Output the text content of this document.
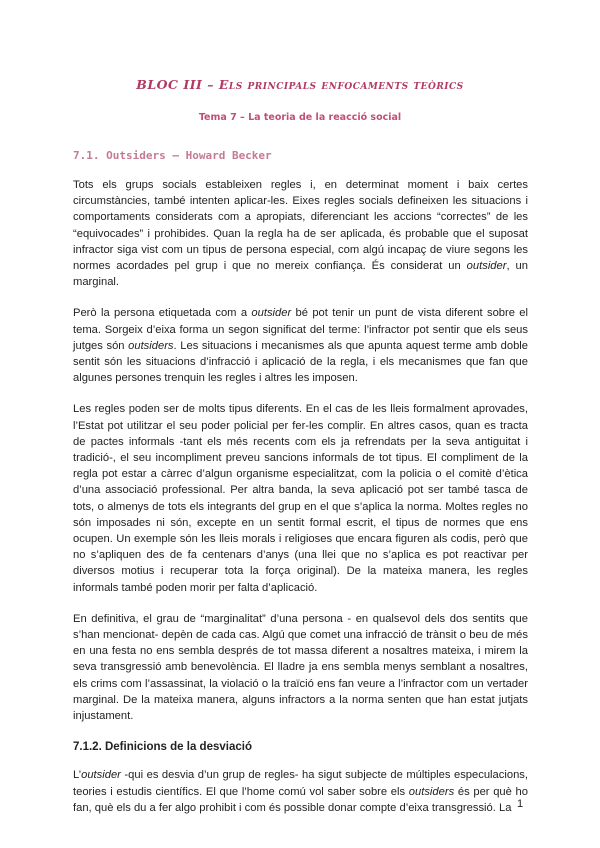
BLOC III – Els principals enfocaments teòrics
Tema 7 – La teoria de la reacció social
7.1. Outsiders – Howard Becker

Tots els grups socials estableixen regles i, en determinat moment i baix certes circumstàncies, també intenten aplicar-les. Eixes regles socials defineixen les situacions i comportaments considerats com a apropiats, diferenciant les accions “correctes” de les “equivocades” i prohibides. Quan la regla ha de ser aplicada, és probable que el suposat infractor siga vist com un tipus de persona especial, com algú incapaç de viure segons les normes acordades pel grup i que no mereix confiança. És considerat un outsider, un marginal.

Però la persona etiquetada com a outsider bé pot tenir un punt de vista diferent sobre el tema. Sorgeix d’eixa forma un segon significat del terme: l’infractor pot sentir que els seus jutges són outsiders. Les situacions i mecanismes als que apunta aquest terme amb doble sentit són les situacions d’infracció i aplicació de la regla, i els mecanismes que fan que algunes persones trenquin les regles i altres les imposen.

Les regles poden ser de molts tipus diferents. En el cas de les lleis formalment aprovades, l’Estat pot utilitzar el seu poder policial per fer-les complir. En altres casos, quan es tracta de pactes informals -tant els més recents com els ja refrendats per la seva antiguitat i tradició-, el seu incompliment preveu sancions informals de tot tipus. El compliment de la regla pot estar a càrrec d’algun organisme especialitzat, com la policia o el comitè d’ètica d’una associació professional. Per altra banda, la seva aplicació pot ser també tasca de tots, o almenys de tots els integrants del grup en el que s’aplica la norma. Moltes regles no són imposades ni són, excepte en un sentit formal escrit, el tipus de normes que ens ocupen. Un exemple són les lleis morals i religioses que encara figuren als codis, però que no s’apliquen des de fa centenars d’anys (una llei que no s’aplica es pot reactivar per diversos motius i recuperar tota la força original). De la mateixa manera, les regles informals també poden morir per falta d’aplicació.

En definitiva, el grau de “marginalitat” d’una persona - en qualsevol dels dos sentits que s’han mencionat- depèn de cada cas. Algú que comet una infracció de trànsit o beu de més en una festa no ens sembla després de tot massa diferent a nosaltres mateixa, i mirem la seva transgressió amb benevolència. El lladre ja ens sembla menys semblant a nosaltres, els crims com l’assassinat, la violació o la traïció ens fan veure a l’infractor com un vertader marginal. De la mateixa manera, alguns infractors a la norma senten que han estat jutjats injustament.

7.1.2. Definicions de la desviació

L’outsider -qui es desvia d’un grup de regles- ha sigut subjecte de múltiples especulacions, teories i estudis científics. El que l’home comú vol saber sobre els outsiders és per què ho fan, què els du a fer algo prohibit i com és possible donar compte d’eixa transgressió. La 1
